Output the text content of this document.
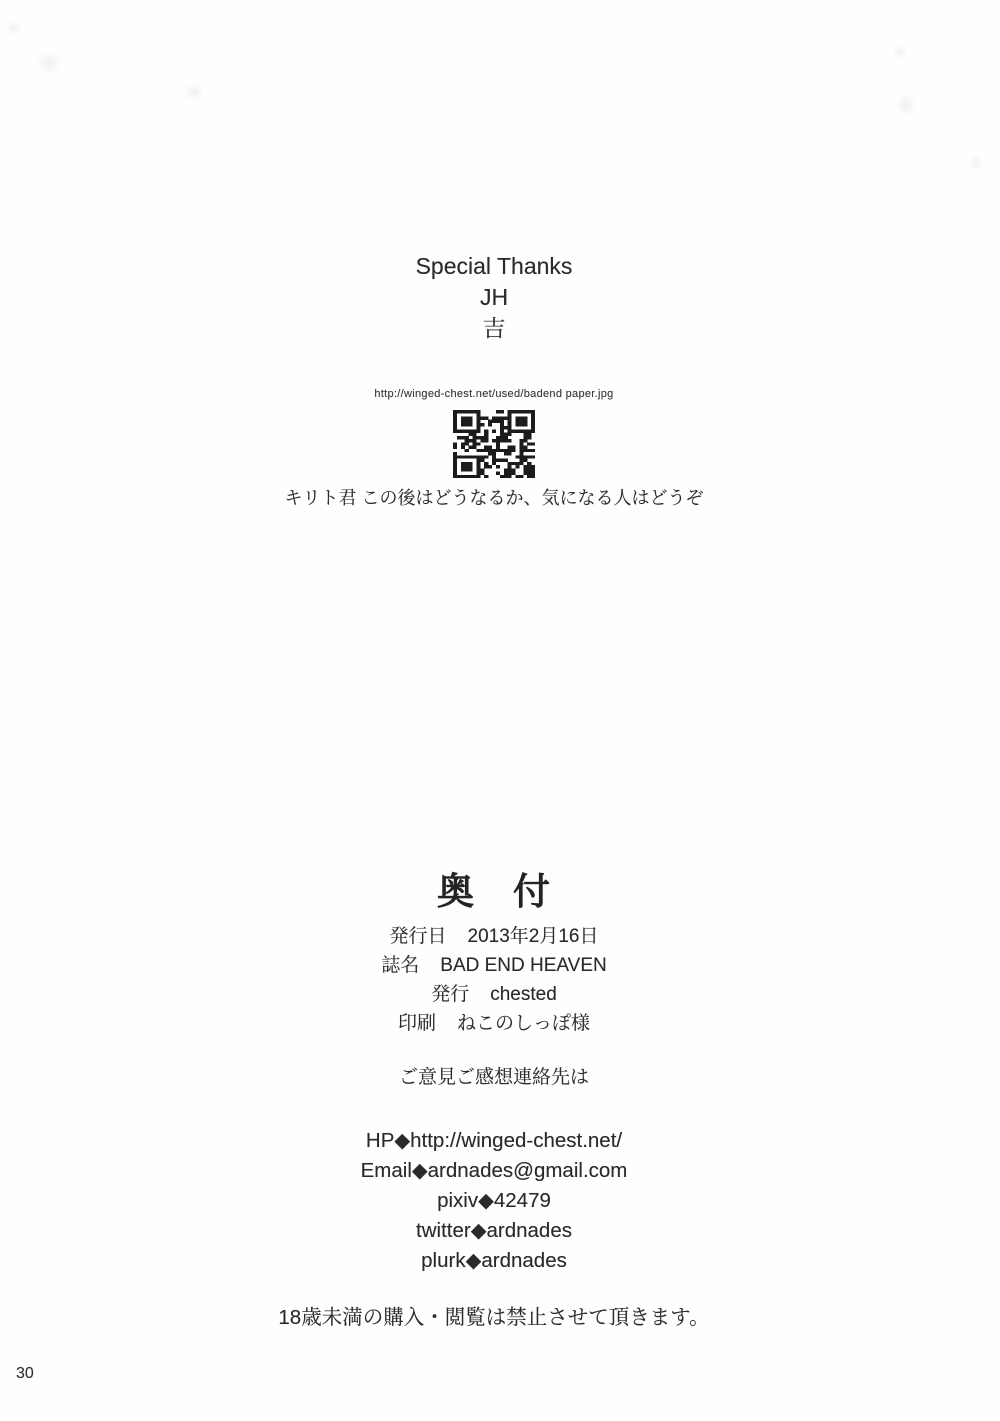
Special Thanks
JH
吉
http://winged-chest.net/used/badend paper.jpg
キリト君 この後はどうなるか、気になる人はどうぞ
奥　付
発行日 2013年2月16日
誌名 BAD END HEAVEN
発行 chested
印刷 ねこのしっぽ様
ご意見ご感想連絡先は
HP◆http://winged-chest.net/
Email◆ardnades@gmail.com
pixiv◆42479
twitter◆ardnades
plurk◆ardnades
18歳未満の購入・閲覧は禁止させて頂きます。
30
